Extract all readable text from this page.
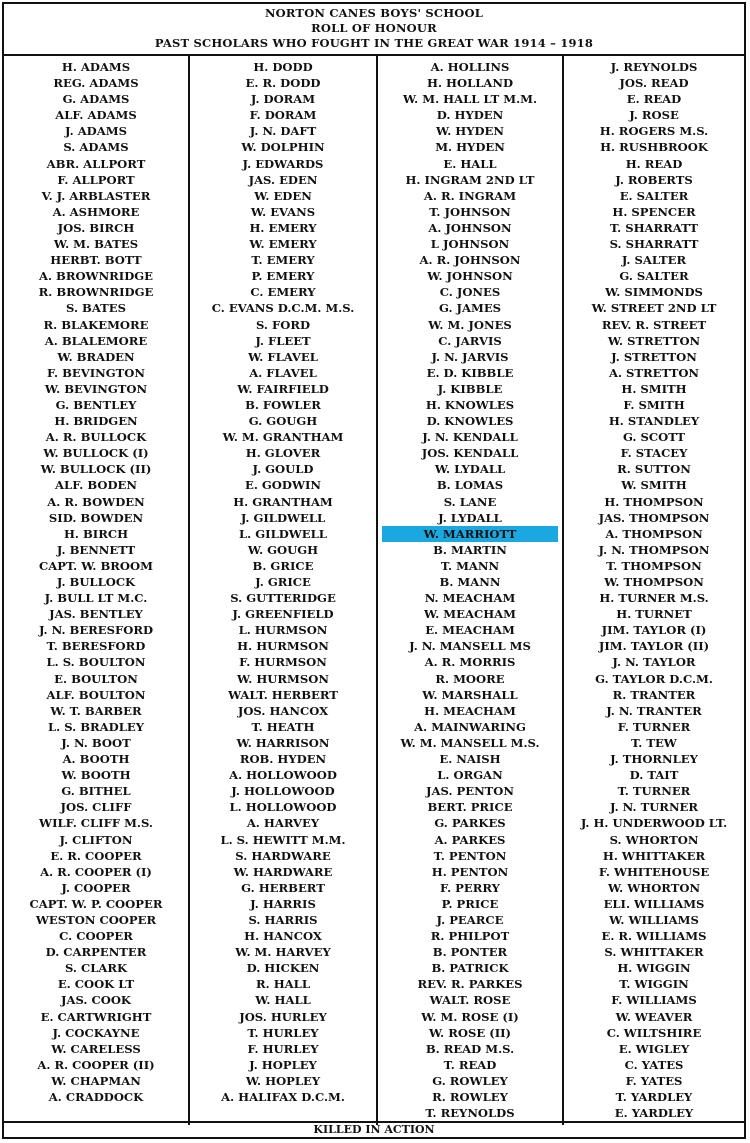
NORTON CANES BOYS' SCHOOL
ROLL OF HONOUR
PAST SCHOLARS WHO FOUGHT IN THE GREAT WAR 1914 – 1918
H. ADAMS
REG. ADAMS
G. ADAMS
ALF. ADAMS
J. ADAMS
S. ADAMS
ABR. ALLPORT
F. ALLPORT
V. J. ARBLASTER
A. ASHMORE
JOS. BIRCH
W. M. BATES
HERBT. BOTT
A. BROWNRIDGE
R. BROWNRIDGE
S. BATES
R. BLAKEMORE
A. BLALEMORE
W. BRADEN
F. BEVINGTON
W. BEVINGTON
G. BENTLEY
H. BRIDGEN
A. R. BULLOCK
W. BULLOCK (I)
W. BULLOCK (II)
ALF. BODEN
A. R. BOWDEN
SID. BOWDEN
H. BIRCH
J. BENNETT
CAPT. W. BROOM
J. BULLOCK
J. BULL LT M.C.
JAS. BENTLEY
J. N. BERESFORD
T. BERESFORD
L. S. BOULTON
E. BOULTON
ALF. BOULTON
W. T. BARBER
L. S. BRADLEY
J. N. BOOT
A. BOOTH
W. BOOTH
G. BITHEL
JOS. CLIFF
WILF. CLIFF M.S.
J. CLIFTON
E. R. COOPER
A. R. COOPER (I)
J. COOPER
CAPT. W. P. COOPER
WESTON COOPER
C. COOPER
D. CARPENTER
S. CLARK
E. COOK LT
JAS. COOK
E. CARTWRIGHT
J. COCKAYNE
W. CARELESS
A. R. COOPER (II)
W. CHAPMAN
A. CRADDOCK
H. DODD
E. R. DODD
J. DORAM
F. DORAM
J. N. DAFT
W. DOLPHIN
J. EDWARDS
JAS. EDEN
W. EDEN
W. EVANS
H. EMERY
W. EMERY
T. EMERY
P. EMERY
C. EMERY
C. EVANS D.C.M. M.S.
S. FORD
J. FLEET
W. FLAVEL
A. FLAVEL
W. FAIRFIELD
B. FOWLER
G. GOUGH
W. M. GRANTHAM
H. GLOVER
J. GOULD
E. GODWIN
H. GRANTHAM
J. GILDWELL
L. GILDWELL
W. GOUGH
B. GRICE
J. GRICE
S. GUTTERIDGE
J. GREENFIELD
L. HURMSON
H. HURMSON
F. HURMSON
W. HURMSON
WALT. HERBERT
JOS. HANCOX
T. HEATH
W. HARRISON
ROB. HYDEN
A. HOLLOWOOD
J. HOLLOWOOD
L. HOLLOWOOD
A. HARVEY
L. S. HEWITT M.M.
S. HARDWARE
W. HARDWARE
G. HERBERT
J. HARRIS
S. HARRIS
H. HANCOX
W. M. HARVEY
D. HICKEN
R. HALL
W. HALL
JOS. HURLEY
T. HURLEY
F. HURLEY
J. HOPLEY
W. HOPLEY
A. HALIFAX D.C.M.
A. HOLLINS
H. HOLLAND
W. M. HALL LT M.M.
D. HYDEN
W. HYDEN
M. HYDEN
E. HALL
H. INGRAM 2ND LT
A. R. INGRAM
T. JOHNSON
A. JOHNSON
L JOHNSON
A. R. JOHNSON
W. JOHNSON
C. JONES
G. JAMES
W. M. JONES
C. JARVIS
J. N. JARVIS
E. D. KIBBLE
J. KIBBLE
H. KNOWLES
D. KNOWLES
J. N. KENDALL
JOS. KENDALL
W. LYDALL
B. LOMAS
S. LANE
J. LYDALL
W. MARRIOTT
B. MARTIN
T. MANN
B. MANN
N. MEACHAM
W. MEACHAM
E. MEACHAM
J. N. MANSELL MS
A. R. MORRIS
R. MOORE
W. MARSHALL
H. MEACHAM
A. MAINWARING
W. M. MANSELL M.S.
E. NAISH
L. ORGAN
JAS. PENTON
BERT. PRICE
G. PARKES
A. PARKES
T. PENTON
H. PENTON
F. PERRY
P. PRICE
J. PEARCE
R. PHILPOT
B. PONTER
B. PATRICK
REV. R. PARKES
WALT. ROSE
W. M. ROSE (I)
W. ROSE (II)
B. READ M.S.
T. READ
G. ROWLEY
R. ROWLEY
T. REYNOLDS
J. REYNOLDS
JOS. READ
E. READ
J. ROSE
H. ROGERS M.S.
H. RUSHBROOK
H. READ
J. ROBERTS
E. SALTER
H. SPENCER
T. SHARRATT
S. SHARRATT
J. SALTER
G. SALTER
W. SIMMONDS
W. STREET 2ND LT
REV. R. STREET
W. STRETTON
J. STRETTON
A. STRETTON
H. SMITH
F. SMITH
H. STANDLEY
G. SCOTT
F. STACEY
R. SUTTON
W. SMITH
H. THOMPSON
JAS. THOMPSON
A. THOMPSON
J. N. THOMPSON
T. THOMPSON
W. THOMPSON
H. TURNER M.S.
H. TURNET
JIM. TAYLOR (I)
JIM. TAYLOR (II)
J. N. TAYLOR
G. TAYLOR D.C.M.
R. TRANTER
J. N. TRANTER
F. TURNER
T. TEW
J. THORNLEY
D. TAIT
T. TURNER
J. N. TURNER
J. H. UNDERWOOD LT.
S. WHORTON
H. WHITTAKER
F. WHITEHOUSE
W. WHORTON
ELI. WILLIAMS
W. WILLIAMS
E. R. WILLIAMS
S. WHITTAKER
H. WIGGIN
T. WIGGIN
F. WILLIAMS
W. WEAVER
C. WILTSHIRE
E. WIGLEY
C. YATES
F. YATES
T. YARDLEY
E. YARDLEY
KILLED IN ACTION
